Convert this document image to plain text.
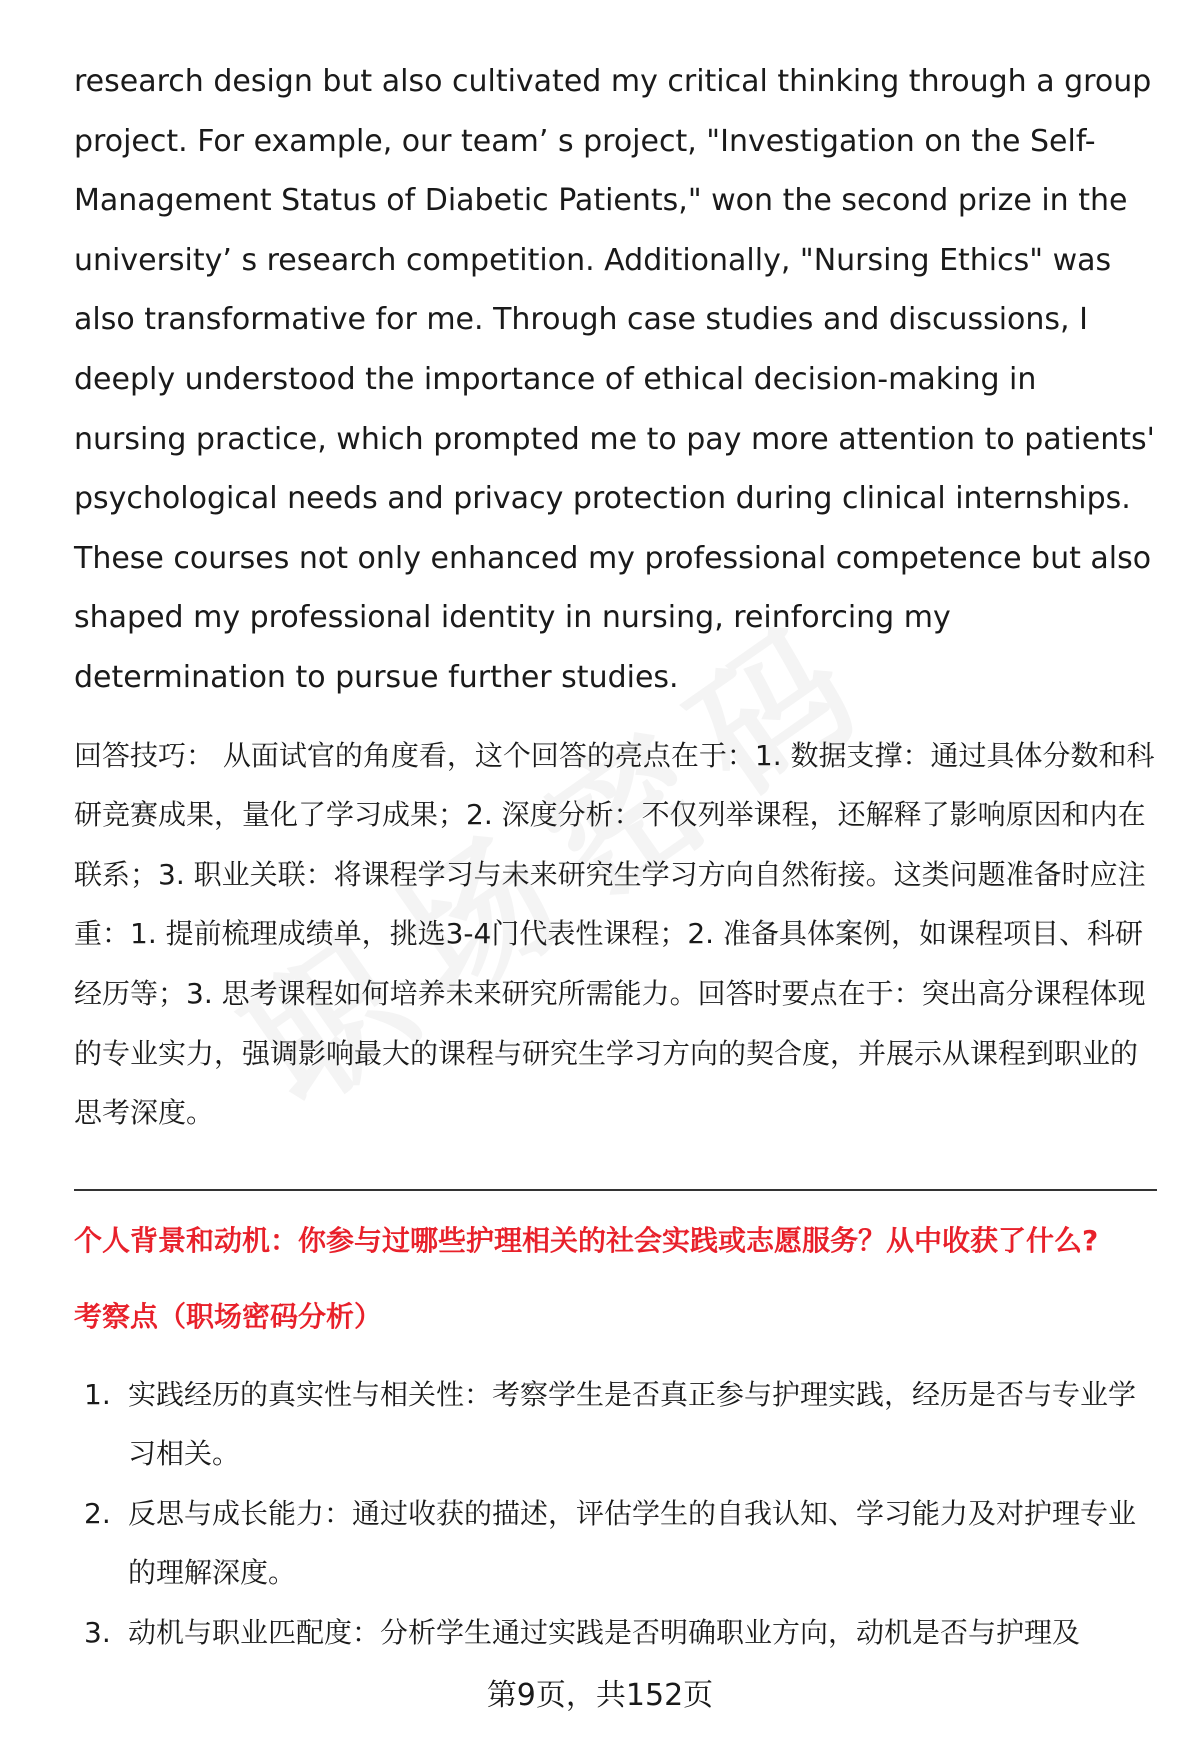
research design but also cultivated my critical thinking through a group project. For example, our team’ s project, "Investigation on the Self-Management Status of Diabetic Patients," won the second prize in the university’ s research competition. Additionally, "Nursing Ethics" was also transformative for me. Through case studies and discussions, I deeply understood the importance of ethical decision-making in nursing practice, which prompted me to pay more attention to patients' psychological needs and privacy protection during clinical internships. These courses not only enhanced my professional competence but also shaped my professional identity in nursing, reinforcing my determination to pursue further studies.

回答技巧： 从面试官的角度看，这个回答的亮点在于：1. 数据支撑：通过具体分数和科研竞赛成果，量化了学习成果；2. 深度分析：不仅列举课程，还解释了影响原因和内在联系；3. 职业关联：将课程学习与未来研究生学习方向自然衔接。这类问题准备时应注重：1. 提前梳理成绩单，挑选3-4门代表性课程；2. 准备具体案例，如课程项目、科研经历等；3. 思考课程如何培养未来研究所需能力。回答时要点在于：突出高分课程体现的专业实力，强调影响最大的课程与研究生学习方向的契合度，并展示从课程到职业的思考深度。

个人背景和动机：你参与过哪些护理相关的社会实践或志愿服务？从中收获了什么?
考察点（职场密码分析）
1. 实践经历的真实性与相关性：考察学生是否真正参与护理实践，经历是否与专业学习相关。
2. 反思与成长能力：通过收获的描述，评估学生的自我认知、学习能力及对护理专业的理解深度。
3. 动机与职业匹配度：分析学生通过实践是否明确职业方向，动机是否与护理及
第9页，共152页
